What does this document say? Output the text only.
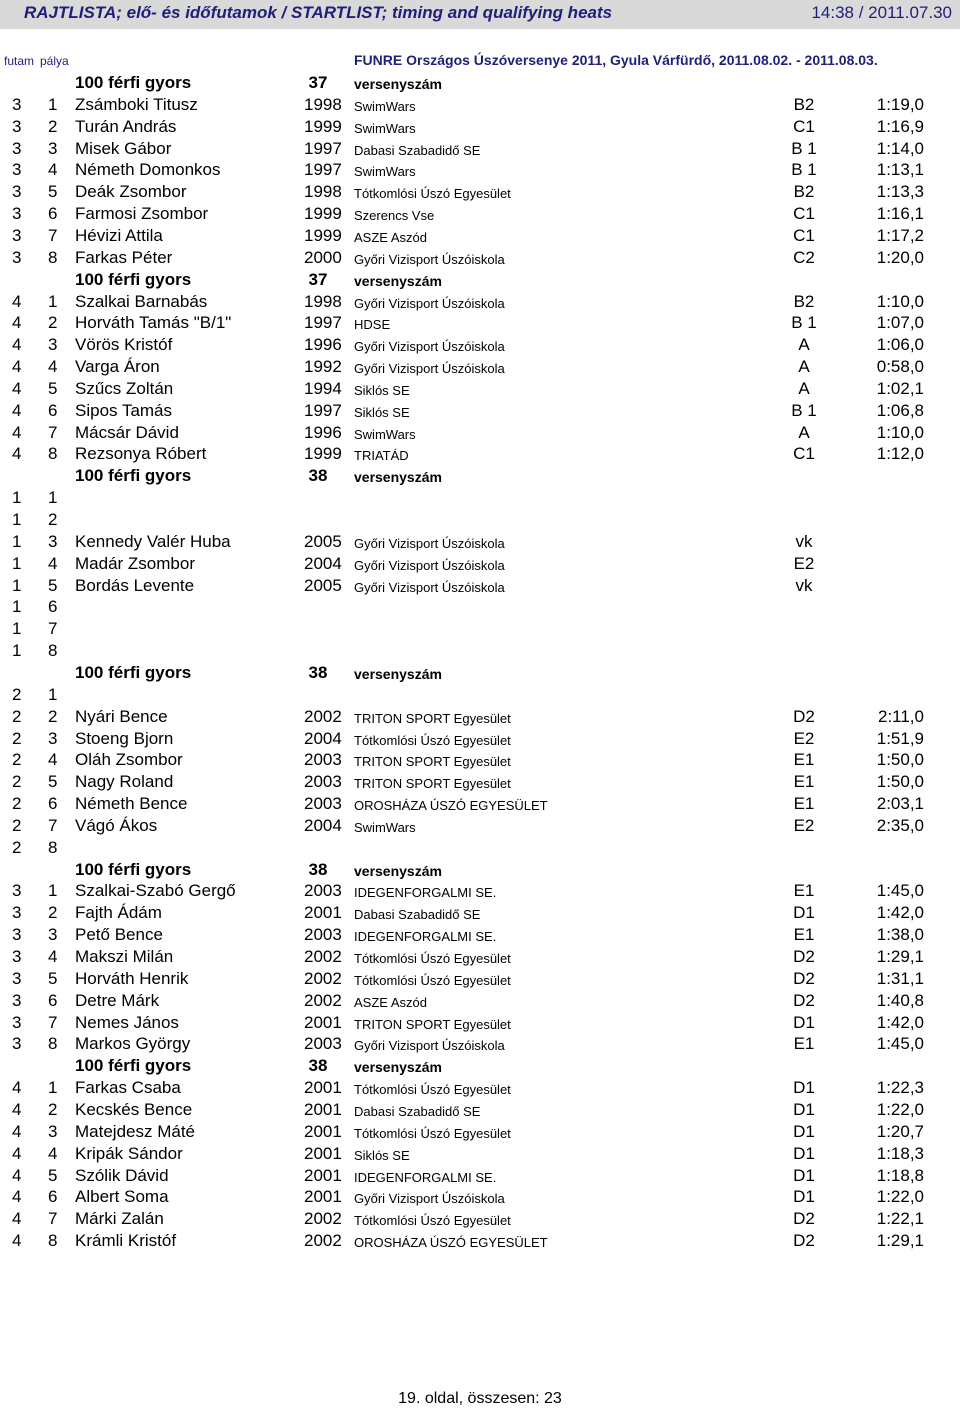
RAJTLISTA; elő- és időfutamok / STARTLIST; timing and qualifying heats	14:38 / 2011.07.30
futam pálya	FUNRE Országos Úszóversenye 2011, Gyula Várfürdő, 2011.08.02. - 2011.08.03.
100 férfi gyors	37	versenyszám
3 1 Zsámboki Titusz	1998 SwimWars	B2	1:19,0
3 2 Turán András	1999 SwimWars	C1	1:16,9
3 3 Misek Gábor	1997 Dabasi Szabadidő SE	B 1	1:14,0
3 4 Németh Domonkos	1997 SwimWars	B 1	1:13,1
3 5 Deák Zsombor	1998 Tótkomlósi Úszó Egyesület	B2	1:13,3
3 6 Farmosi Zsombor	1999 Szerencs Vse	C1	1:16,1
3 7 Hévizi Attila	1999 ASZE Aszód	C1	1:17,2
3 8 Farkas Péter	2000 Győri Vizisport Úszóiskola	C2	1:20,0
100 férfi gyors	37	versenyszám
4 1 Szalkai Barnabás	1998 Győri Vizisport Úszóiskola	B2	1:10,0
4 2 Horváth Tamás "B/1"	1997 HDSE	B 1	1:07,0
4 3 Vörös Kristóf	1996 Győri Vizisport Úszóiskola	A	1:06,0
4 4 Varga Áron	1992 Győri Vizisport Úszóiskola	A	0:58,0
4 5 Szűcs Zoltán	1994 Siklós SE	A	1:02,1
4 6 Sipos Tamás	1997 Siklós SE	B 1	1:06,8
4 7 Mácsár Dávid	1996 SwimWars	A	1:10,0
4 8 Rezsonya Róbert	1999 TRIATÁD	C1	1:12,0
100 férfi gyors	38	versenyszám
1 1
1 2
1 3 Kennedy Valér Huba	2005 Győri Vizisport Úszóiskola	vk
1 4 Madár Zsombor	2004 Győri Vizisport Úszóiskola	E2
1 5 Bordás Levente	2005 Győri Vizisport Úszóiskola	vk
1 6
1 7
1 8
100 férfi gyors	38	versenyszám
2 1
2 2 Nyári Bence	2002 TRITON SPORT Egyesület	D2	2:11,0
2 3 Stoeng Bjorn	2004 Tótkomlósi Úszó Egyesület	E2	1:51,9
2 4 Oláh Zsombor	2003 TRITON SPORT Egyesület	E1	1:50,0
2 5 Nagy Roland	2003 TRITON SPORT Egyesület	E1	1:50,0
2 6 Németh Bence	2003 OROSHÁZA ÚSZÓ EGYESÜLET	E1	2:03,1
2 7 Vágó Ákos	2004 SwimWars	E2	2:35,0
2 8
100 férfi gyors	38	versenyszám
3 1 Szalkai-Szabó Gergő	2003 IDEGENFORGALMI SE.	E1	1:45,0
3 2 Fajth Ádám	2001 Dabasi Szabadidő SE	D1	1:42,0
3 3 Pető Bence	2003 IDEGENFORGALMI SE.	E1	1:38,0
3 4 Makszi Milán	2002 Tótkomlósi Úszó Egyesület	D2	1:29,1
3 5 Horváth Henrik	2002 Tótkomlósi Úszó Egyesület	D2	1:31,1
3 6 Detre Márk	2002 ASZE Aszód	D2	1:40,8
3 7 Nemes János	2001 TRITON SPORT Egyesület	D1	1:42,0
3 8 Markos György	2003 Győri Vizisport Úszóiskola	E1	1:45,0
100 férfi gyors	38	versenyszám
4 1 Farkas Csaba	2001 Tótkomlósi Úszó Egyesület	D1	1:22,3
4 2 Kecskés Bence	2001 Dabasi Szabadidő SE	D1	1:22,0
4 3 Matejdesz Máté	2001 Tótkomlósi Úszó Egyesület	D1	1:20,7
4 4 Kripák Sándor	2001 Siklós SE	D1	1:18,3
4 5 Szólik Dávid	2001 IDEGENFORGALMI SE.	D1	1:18,8
4 6 Albert Soma	2001 Győri Vizisport Úszóiskola	D1	1:22,0
4 7 Márki Zalán	2002 Tótkomlósi Úszó Egyesület	D2	1:22,1
4 8 Krámli Kristóf	2002 OROSHÁZA ÚSZÓ EGYESÜLET	D2	1:29,1
19. oldal, összesen: 23
